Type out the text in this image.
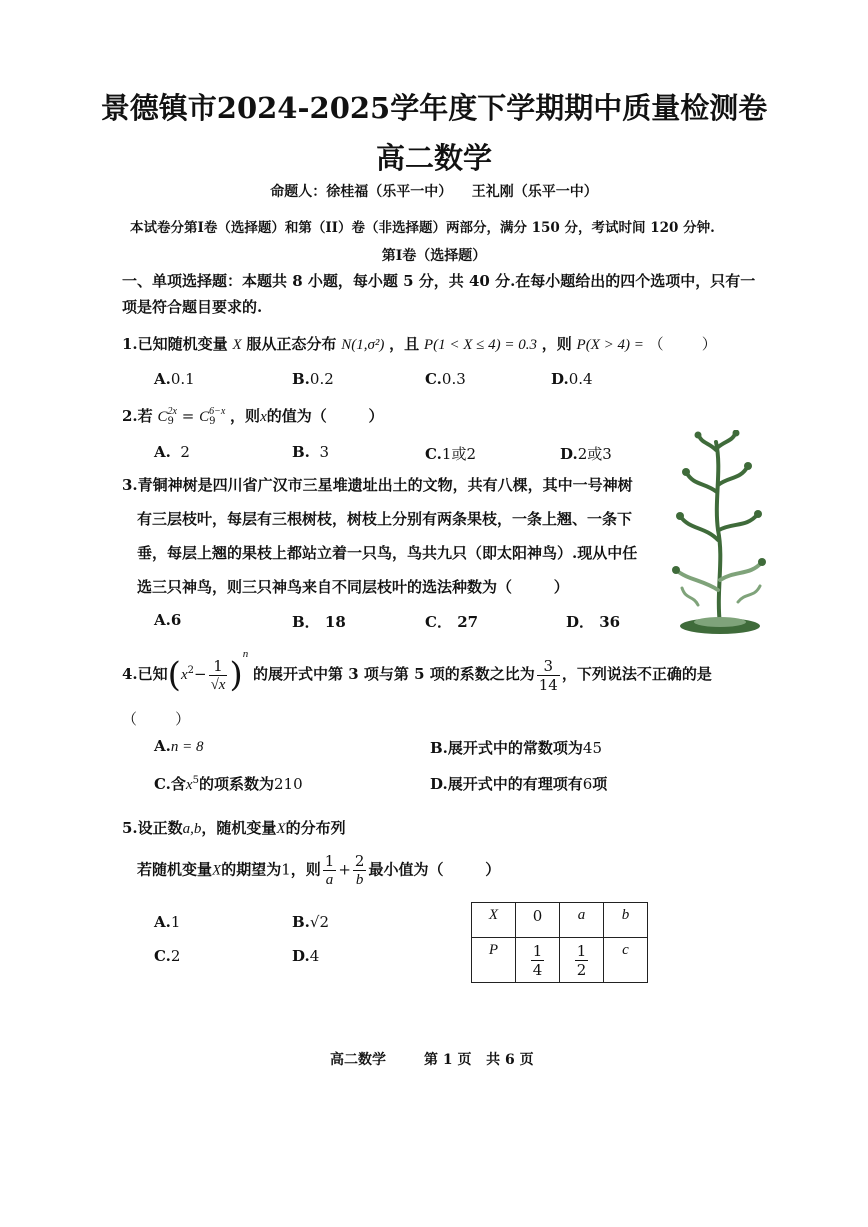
景德镇市2024-2025学年度下学期期中质量检测卷
高二数学
命题人：徐桂福（乐平一中）    王礼刚（乐平一中）
本试卷分第Ⅰ卷（选择题）和第（II）卷（非选择题）两部分，满分 150 分，考试时间 120 分钟.
第Ⅰ卷（选择题）
一、单项选择题：本题共 8 小题，每小题 5 分，共 40 分.在每小题给出的四个选项中，只有一
项是符合题目要求的.
1.已知随机变量 X 服从正态分布 N(1,σ²) ，且 P(1 < X ≤ 4) = 0.3 ，则 P(X > 4) = （        ）
A.0.1	B.0.2	C.0.3	D.0.4
2.若 C 2x
9 = C 6−x
9 ，则x的值为（        ）
A. 2	B. 3	C.1或2	D.2或3
3.青铜神树是四川省广汉市三星堆遗址出土的文物，共有八棵，其中一号神树
有三层枝叶，每层有三根树枝，树枝上分别有两条果枝，一条上翘、一条下
垂，每层上翘的果枝上都站立着一只鸟，鸟共九只（即太阳神鸟）.现从中任
选三只神鸟，则三只神鸟来自不同层枝叶的选法种数为（        ）
A.6	B． 18	C． 27	D． 36
4.已知$(x^2- \frac{1}{√x} )^n$ 的展开式中第 3 项与第 5 项的系数之比为 $\frac{3}{14}$ ，下列说法不正确的是
（        ）
A.n = 8	B.展开式中的常数项为45
C.含$x^5$的项系数为210	D.展开式中的有理项有6项
5.设正数a,b，随机变量X的分布列
若随机变量X的期望为1，则 $\frac{1}{a} + \frac{2}{b}$ 最小值为（        ）
A.1	B.√2
C.2	D.4
X	0	a	b
P	$\frac{1}{4}$	$\frac{1}{2}$	c
高二数学	第 1 页   共 6 页
